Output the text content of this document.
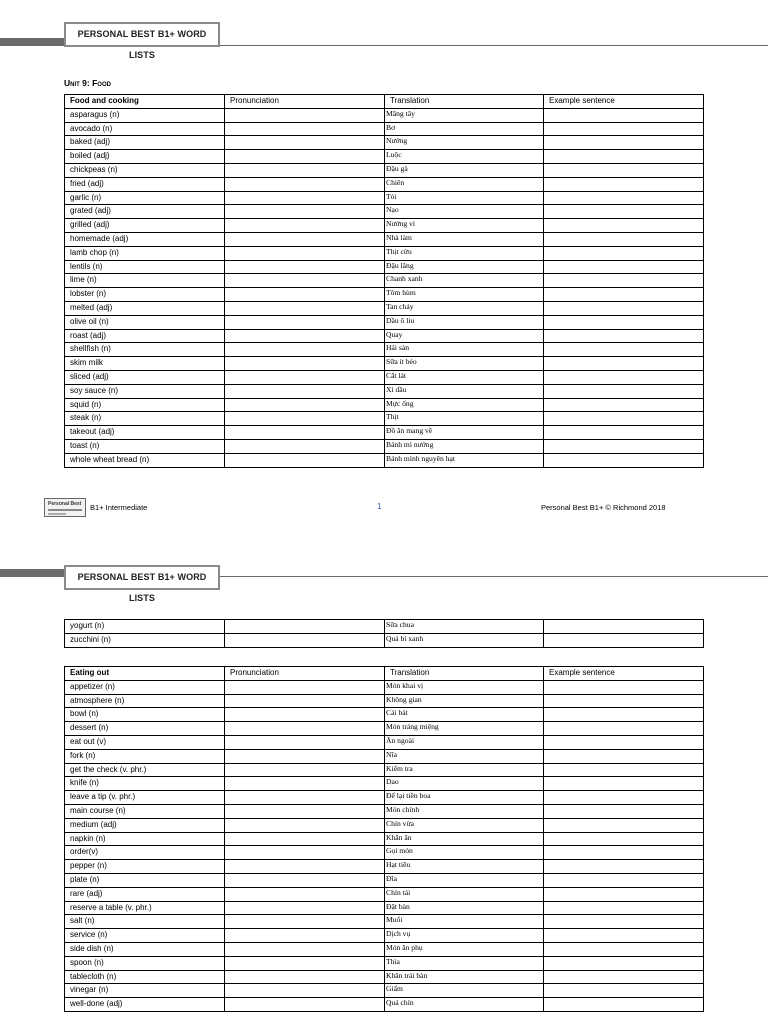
PERSONAL BEST B1+ WORD LISTS
Unit 9: Food
Food and cooking	Pronunciation	Translation	Example sentence
asparagus (n)		Măng tây	
avocado (n)		Bơ	
baked (adj)		Nướng	
boiled (adj)		Luộc	
chickpeas (n)		Đậu gà	
fried (adj)		Chiên	
garlic (n)		Tỏi	
grated (adj)		Nạo	
grilled (adj)		Nướng vỉ	
homemade (adj)		Nhà làm	
lamb chop (n)		Thịt cừu	
lentils (n)		Đậu lăng	
lime (n)		Chanh xanh	
lobster (n)		Tôm hùm	
melted (adj)		Tan chảy	
olive oil (n)		Dầu ô liu	
roast (adj)		Quay	
shellfish (n)		Hải sản	
skim milk		Sữa ít béo	
sliced (adj)		Cắt lát	
soy sauce (n)		Xì dầu	
squid (n)		Mực ống	
steak (n)		Thịt	
takeout (adj)		Đồ ăn mang về	
toast (n)		Bánh mì nướng	
whole wheat bread (n)		Bánh mình nguyên hạt	
Personal Best B1+ Intermediate	1	Personal Best B1+ © Richmond 2018
PERSONAL BEST B1+ WORD LISTS
yogurt (n)		Sữa chua	
zucchini (n)		Quả bí xanh	
Eating out	Pronunciation	Translation	Example sentence
appetizer (n)		Món khai vị	
atmosphere (n)		Không gian	
bowl (n)		Cái bát	
dessert (n)		Món tráng miệng	
eat out (v)		Ăn ngoài	
fork (n)		Nĩa	
get the check (v. phr.)		Kiểm tra	
knife (n)		Dao	
leave a tip (v. phr.)		Để lại tiền boa	
main course (n)		Món chính	
medium (adj)		Chín vừa	
napkin (n)		Khăn ăn	
order(v)		Gọi món	
pepper (n)		Hạt tiêu	
plate (n)		Đĩa	
rare (adj)		Chín tái	
reserve a table (v. phr.)		Đặt bàn	
salt (n)		Muối	
service (n)		Dịch vụ	
side dish (n)		Món ăn phụ	
spoon (n)		Thìa	
tablecloth (n)		Khăn trải bàn	
vinegar (n)		Giấm	
well-done (adj)		Quá chín	
